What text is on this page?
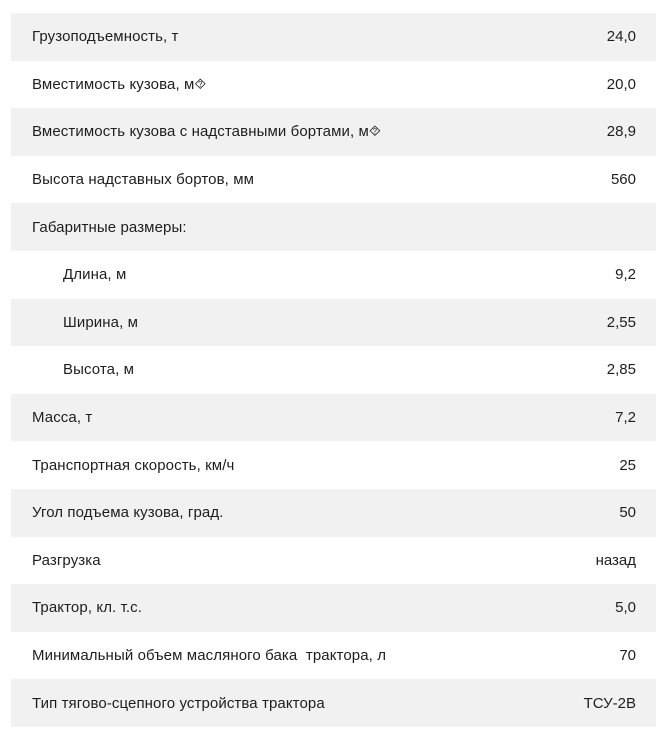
Грузоподъемность, т	24,0
Вместимость кузова, м⯑	20,0
Вместимость кузова с надставными бортами, м⯑	28,9
Высота надставных бортов, мм	560
Габаритные размеры:
Длина, м	9,2
Ширина, м	2,55
Высота, м	2,85
Масса, т	7,2
Транспортная скорость, км/ч	25
Угол подъема кузова, град.	50
Разгрузка	назад
Трактор, кл. т.с.	5,0
Минимальный объем масляного бака  трактора, л	70
Тип тягово-сцепного устройства трактора	ТСУ-2В
